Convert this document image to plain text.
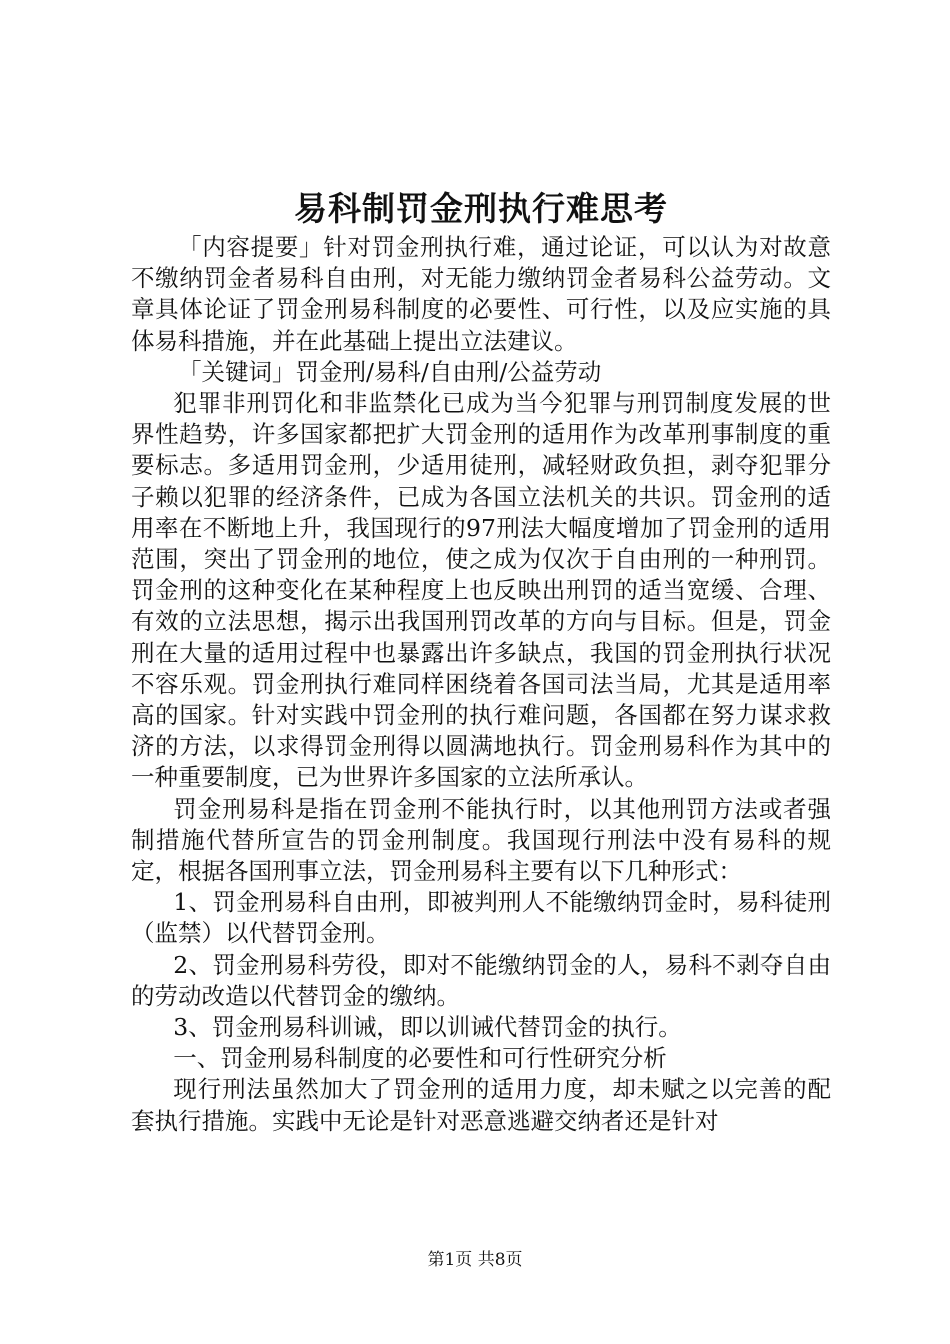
易科制罚金刑执行难思考

「内容提要」针对罚金刑执行难，通过论证，可以认为对故意不缴纳罚金者易科自由刑，对无能力缴纳罚金者易科公益劳动。文章具体论证了罚金刑易科制度的必要性、可行性，以及应实施的具体易科措施，并在此基础上提出立法建议。

「关键词」罚金刑/易科/自由刑/公益劳动

犯罪非刑罚化和非监禁化已成为当今犯罪与刑罚制度发展的世界性趋势，许多国家都把扩大罚金刑的适用作为改革刑事制度的重要标志。多适用罚金刑，少适用徒刑，减轻财政负担，剥夺犯罪分子赖以犯罪的经济条件，已成为各国立法机关的共识。罚金刑的适用率在不断地上升，我国现行的97刑法大幅度增加了罚金刑的适用范围，突出了罚金刑的地位，使之成为仅次于自由刑的一种刑罚。罚金刑的这种变化在某种程度上也反映出刑罚的适当宽缓、合理、有效的立法思想，揭示出我国刑罚改革的方向与目标。但是，罚金刑在大量的适用过程中也暴露出许多缺点，我国的罚金刑执行状况不容乐观。罚金刑执行难同样困绕着各国司法当局，尤其是适用率高的国家。针对实践中罚金刑的执行难问题，各国都在努力谋求救济的方法，以求得罚金刑得以圆满地执行。罚金刑易科作为其中的一种重要制度，已为世界许多国家的立法所承认。

罚金刑易科是指在罚金刑不能执行时，以其他刑罚方法或者强制措施代替所宣告的罚金刑制度。我国现行刑法中没有易科的规定，根据各国刑事立法，罚金刑易科主要有以下几种形式：

1、罚金刑易科自由刑，即被判刑人不能缴纳罚金时，易科徒刑（监禁）以代替罚金刑。

2、罚金刑易科劳役，即对不能缴纳罚金的人，易科不剥夺自由的劳动改造以代替罚金的缴纳。

3、罚金刑易科训诫，即以训诫代替罚金的执行。

一、罚金刑易科制度的必要性和可行性研究分析

现行刑法虽然加大了罚金刑的适用力度，却未赋之以完善的配套执行措施。实践中无论是针对恶意逃避交纳者还是针对

第1页 共8页
